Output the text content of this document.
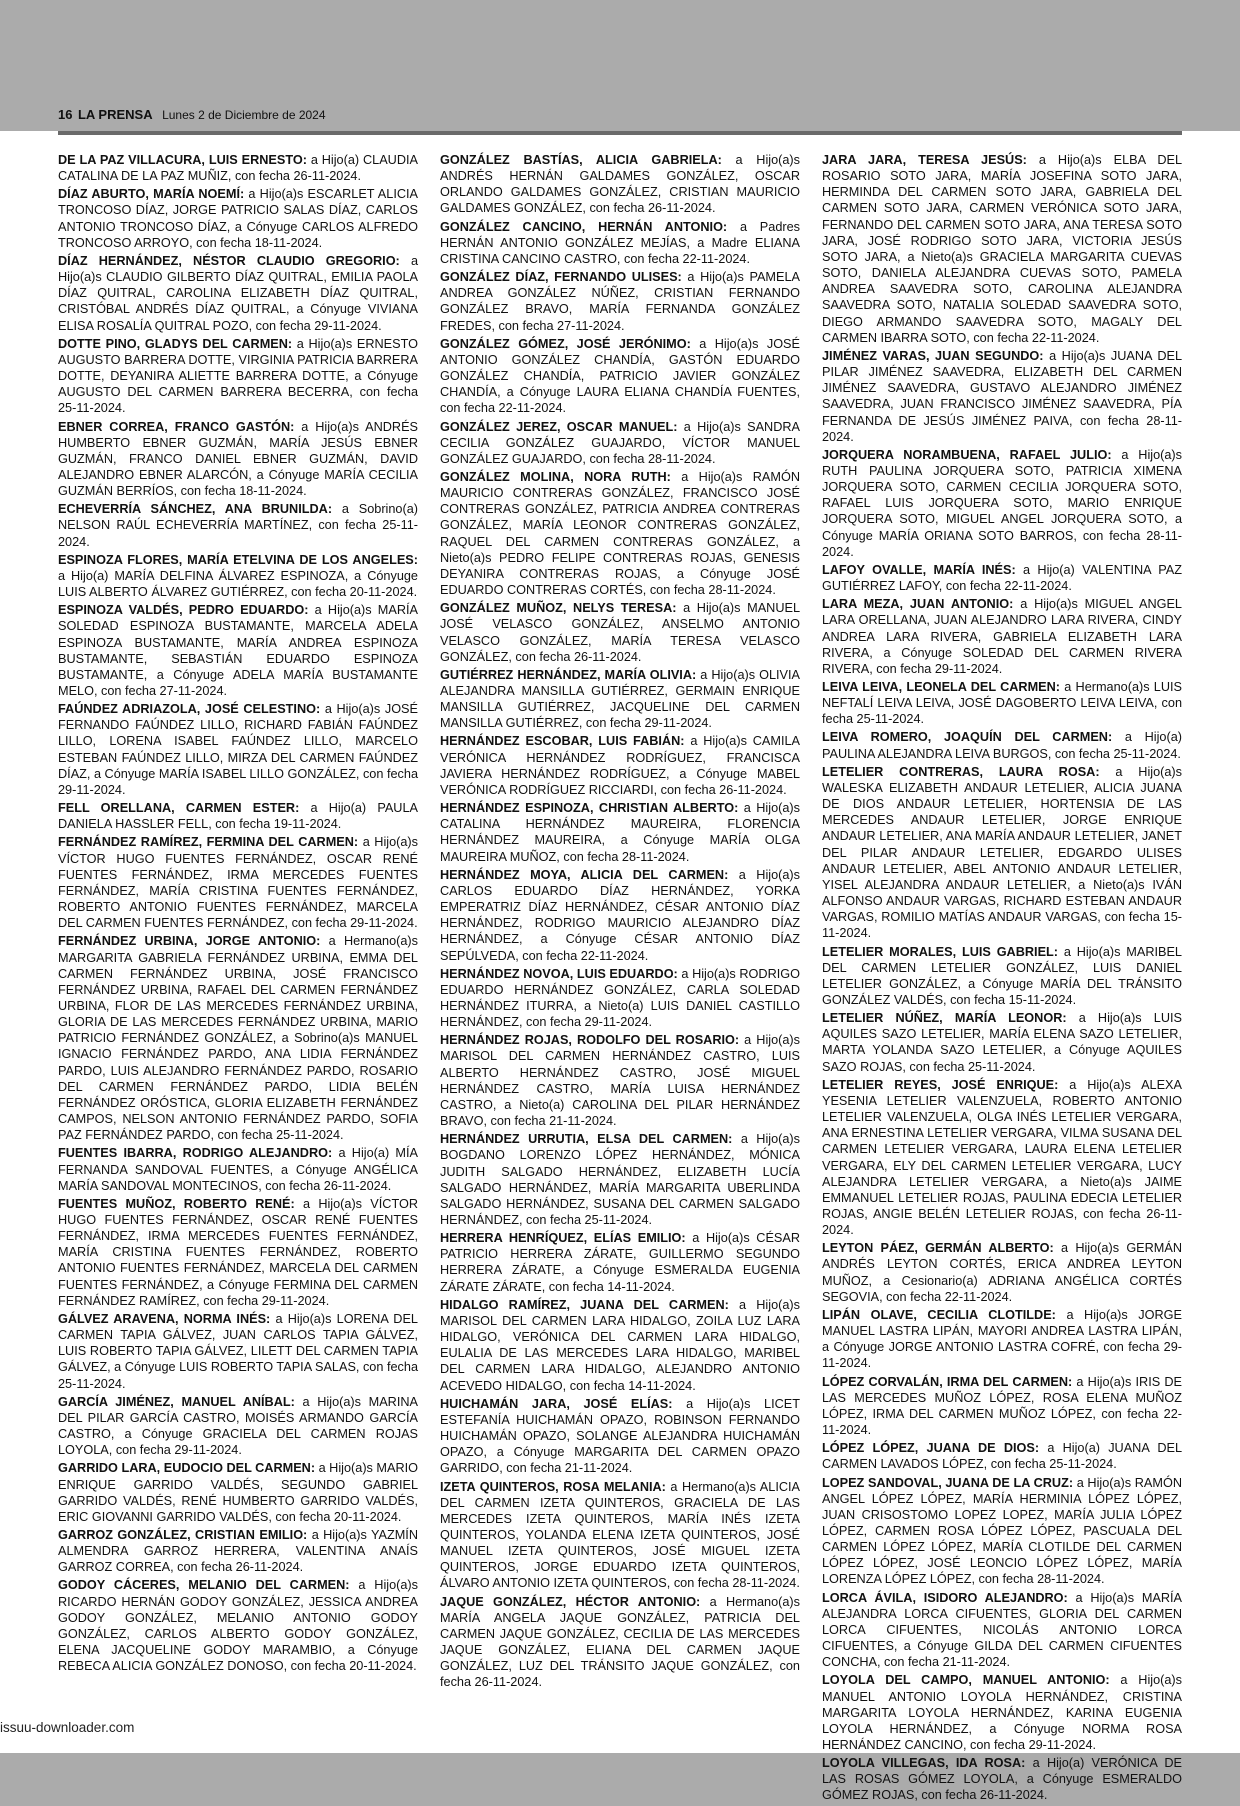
16 LA PRENSA Lunes 2 de Diciembre de 2024

DE LA PAZ VILLACURA, LUIS ERNESTO: a Hijo(a) CLAUDIA CATALINA DE LA PAZ MUÑIZ, con fecha 26-11-2024.

DÍAZ ABURTO, MARÍA NOEMÍ: a Hijo(a)s ESCARLET ALICIA TRONCOSO DÍAZ, JORGE PATRICIO SALAS DÍAZ, CARLOS ANTONIO TRONCOSO DÍAZ, a Cónyuge CARLOS ALFREDO TRONCOSO ARROYO, con fecha 18-11-2024.

DÍAZ HERNÁNDEZ, NÉSTOR CLAUDIO GREGORIO: a Hijo(a)s CLAUDIO GILBERTO DÍAZ QUITRAL, EMILIA PAOLA DÍAZ QUITRAL, CAROLINA ELIZABETH DÍAZ QUITRAL, CRISTÓBAL ANDRÉS DÍAZ QUITRAL, a Cónyuge VIVIANA ELISA ROSALÍA QUITRAL POZO, con fecha 29-11-2024.

DOTTE PINO, GLADYS DEL CARMEN: a Hijo(a)s ERNESTO AUGUSTO BARRERA DOTTE, VIRGINIA PATRICIA BARRERA DOTTE, DEYANIRA ALIETTE BARRERA DOTTE, a Cónyuge AUGUSTO DEL CARMEN BARRERA BECERRA, con fecha 25-11-2024.

EBNER CORREA, FRANCO GASTÓN: a Hijo(a)s ANDRÉS HUMBERTO EBNER GUZMÁN, MARÍA JESÚS EBNER GUZMÁN, FRANCO DANIEL EBNER GUZMÁN, DAVID ALEJANDRO EBNER ALARCÓN, a Cónyuge MARÍA CECILIA GUZMÁN BERRÍOS, con fecha 18-11-2024.

ECHEVERRÍA SÁNCHEZ, ANA BRUNILDA: a Sobrino(a) NELSON RAÚL ECHEVERRÍA MARTÍNEZ, con fecha 25-11-2024.

ESPINOZA FLORES, MARÍA ETELVINA DE LOS ANGELES: a Hijo(a) MARÍA DELFINA ÁLVAREZ ESPINOZA, a Cónyuge LUIS ALBERTO ÁLVAREZ GUTIÉRREZ, con fecha 20-11-2024.

ESPINOZA VALDÉS, PEDRO EDUARDO: a Hijo(a)s MARÍA SOLEDAD ESPINOZA BUSTAMANTE, MARCELA ADELA ESPINOZA BUSTAMANTE, MARÍA ANDREA ESPINOZA BUSTAMANTE, SEBASTIÁN EDUARDO ESPINOZA BUSTAMANTE, a Cónyuge ADELA MARÍA BUSTAMANTE MELO, con fecha 27-11-2024.

FAÚNDEZ ADRIAZOLA, JOSÉ CELESTINO: a Hijo(a)s JOSÉ FERNANDO FAÚNDEZ LILLO, RICHARD FABIÁN FAÚNDEZ LILLO, LORENA ISABEL FAÚNDEZ LILLO, MARCELO ESTEBAN FAÚNDEZ LILLO, MIRZA DEL CARMEN FAÚNDEZ DÍAZ, a Cónyuge MARÍA ISABEL LILLO GONZÁLEZ, con fecha 29-11-2024.

FELL ORELLANA, CARMEN ESTER: a Hijo(a) PAULA DANIELA HASSLER FELL, con fecha 19-11-2024.

FERNÁNDEZ RAMÍREZ, FERMINA DEL CARMEN: a Hijo(a)s VÍCTOR HUGO FUENTES FERNÁNDEZ, OSCAR RENÉ FUENTES FERNÁNDEZ, IRMA MERCEDES FUENTES FERNÁNDEZ, MARÍA CRISTINA FUENTES FERNÁNDEZ, ROBERTO ANTONIO FUENTES FERNÁNDEZ, MARCELA DEL CARMEN FUENTES FERNÁNDEZ, con fecha 29-11-2024.

FERNÁNDEZ URBINA, JORGE ANTONIO: a Hermano(a)s MARGARITA GABRIELA FERNÁNDEZ URBINA, EMMA DEL CARMEN FERNÁNDEZ URBINA, JOSÉ FRANCISCO FERNÁNDEZ URBINA, RAFAEL DEL CARMEN FERNÁNDEZ URBINA, FLOR DE LAS MERCEDES FERNÁNDEZ URBINA, GLORIA DE LAS MERCEDES FERNÁNDEZ URBINA, MARIO PATRICIO FERNÁNDEZ GONZÁLEZ, a Sobrino(a)s MANUEL IGNACIO FERNÁNDEZ PARDO, ANA LIDIA FERNÁNDEZ PARDO, LUIS ALEJANDRO FERNÁNDEZ PARDO, ROSARIO DEL CARMEN FERNÁNDEZ PARDO, LIDIA BELÉN FERNÁNDEZ ORÓSTICA, GLORIA ELIZABETH FERNÁNDEZ CAMPOS, NELSON ANTONIO FERNÁNDEZ PARDO, SOFIA PAZ FERNÁNDEZ PARDO, con fecha 25-11-2024.

FUENTES IBARRA, RODRIGO ALEJANDRO: a Hijo(a) MÍA FERNANDA SANDOVAL FUENTES, a Cónyuge ANGÉLICA MARÍA SANDOVAL MONTECINOS, con fecha 26-11-2024.

FUENTES MUÑOZ, ROBERTO RENÉ: a Hijo(a)s VÍCTOR HUGO FUENTES FERNÁNDEZ, OSCAR RENÉ FUENTES FERNÁNDEZ, IRMA MERCEDES FUENTES FERNÁNDEZ, MARÍA CRISTINA FUENTES FERNÁNDEZ, ROBERTO ANTONIO FUENTES FERNÁNDEZ, MARCELA DEL CARMEN FUENTES FERNÁNDEZ, a Cónyuge FERMINA DEL CARMEN FERNÁNDEZ RAMÍREZ, con fecha 29-11-2024.

GÁLVEZ ARAVENA, NORMA INÉS: a Hijo(a)s LORENA DEL CARMEN TAPIA GÁLVEZ, JUAN CARLOS TAPIA GÁLVEZ, LUIS ROBERTO TAPIA GÁLVEZ, LILETT DEL CARMEN TAPIA GÁLVEZ, a Cónyuge LUIS ROBERTO TAPIA SALAS, con fecha 25-11-2024.

GARCÍA JIMÉNEZ, MANUEL ANÍBAL: a Hijo(a)s MARINA DEL PILAR GARCÍA CASTRO, MOISÉS ARMANDO GARCÍA CASTRO, a Cónyuge GRACIELA DEL CARMEN ROJAS LOYOLA, con fecha 29-11-2024.

GARRIDO LARA, EUDOCIO DEL CARMEN: a Hijo(a)s MARIO ENRIQUE GARRIDO VALDÉS, SEGUNDO GABRIEL GARRIDO VALDÉS, RENÉ HUMBERTO GARRIDO VALDÉS, ERIC GIOVANNI GARRIDO VALDÉS, con fecha 20-11-2024.

GARROZ GONZÁLEZ, CRISTIAN EMILIO: a Hijo(a)s YAZMÍN ALMENDRA GARROZ HERRERA, VALENTINA ANAÍS GARROZ CORREA, con fecha 26-11-2024.

GODOY CÁCERES, MELANIO DEL CARMEN: a Hijo(a)s RICARDO HERNÁN GODOY GONZÁLEZ, JESSICA ANDREA GODOY GONZÁLEZ, MELANIO ANTONIO GODOY GONZÁLEZ, CARLOS ALBERTO GODOY GONZÁLEZ, ELENA JACQUELINE GODOY MARAMBIO, a Cónyuge REBECA ALICIA GONZÁLEZ DONOSO, con fecha 20-11-2024.

GONZÁLEZ BASTÍAS, ALICIA GABRIELA: a Hijo(a)s ANDRÉS HERNÁN GALDAMES GONZÁLEZ, OSCAR ORLANDO GALDAMES GONZÁLEZ, CRISTIAN MAURICIO GALDAMES GONZÁLEZ, con fecha 26-11-2024.

GONZÁLEZ CANCINO, HERNÁN ANTONIO: a Padres HERNÁN ANTONIO GONZÁLEZ MEJÍAS, a Madre ELIANA CRISTINA CANCINO CASTRO, con fecha 22-11-2024.

GONZÁLEZ DÍAZ, FERNANDO ULISES: a Hijo(a)s PAMELA ANDREA GONZÁLEZ NÚÑEZ, CRISTIAN FERNANDO GONZÁLEZ BRAVO, MARÍA FERNANDA GONZÁLEZ FREDES, con fecha 27-11-2024.

GONZÁLEZ GÓMEZ, JOSÉ JERÓNIMO: a Hijo(a)s JOSÉ ANTONIO GONZÁLEZ CHANDÍA, GASTÓN EDUARDO GONZÁLEZ CHANDÍA, PATRICIO JAVIER GONZÁLEZ CHANDÍA, a Cónyuge LAURA ELIANA CHANDÍA FUENTES, con fecha 22-11-2024.

GONZÁLEZ JEREZ, OSCAR MANUEL: a Hijo(a)s SANDRA CECILIA GONZÁLEZ GUAJARDO, VÍCTOR MANUEL GONZÁLEZ GUAJARDO, con fecha 28-11-2024.

GONZÁLEZ MOLINA, NORA RUTH: a Hijo(a)s RAMÓN MAURICIO CONTRERAS GONZÁLEZ, FRANCISCO JOSÉ CONTRERAS GONZÁLEZ, PATRICIA ANDREA CONTRERAS GONZÁLEZ, MARÍA LEONOR CONTRERAS GONZÁLEZ, RAQUEL DEL CARMEN CONTRERAS GONZÁLEZ, a Nieto(a)s PEDRO FELIPE CONTRERAS ROJAS, GENESIS DEYANIRA CONTRERAS ROJAS, a Cónyuge JOSÉ EDUARDO CONTRERAS CORTÉS, con fecha 28-11-2024.

GONZÁLEZ MUÑOZ, NELYS TERESA: a Hijo(a)s MANUEL JOSÉ VELASCO GONZÁLEZ, ANSELMO ANTONIO VELASCO GONZÁLEZ, MARÍA TERESA VELASCO GONZÁLEZ, con fecha 26-11-2024.

GUTIÉRREZ HERNÁNDEZ, MARÍA OLIVIA: a Hijo(a)s OLIVIA ALEJANDRA MANSILLA GUTIÉRREZ, GERMAIN ENRIQUE MANSILLA GUTIÉRREZ, JACQUELINE DEL CARMEN MANSILLA GUTIÉRREZ, con fecha 29-11-2024.

HERNÁNDEZ ESCOBAR, LUIS FABIÁN: a Hijo(a)s CAMILA VERÓNICA HERNÁNDEZ RODRÍGUEZ, FRANCISCA JAVIERA HERNÁNDEZ RODRÍGUEZ, a Cónyuge MABEL VERÓNICA RODRÍGUEZ RICCIARDI, con fecha 26-11-2024.

HERNÁNDEZ ESPINOZA, CHRISTIAN ALBERTO: a Hijo(a)s CATALINA HERNÁNDEZ MAUREIRA, FLORENCIA HERNÁNDEZ MAUREIRA, a Cónyuge MARÍA OLGA MAUREIRA MUÑOZ, con fecha 28-11-2024.

HERNÁNDEZ MOYA, ALICIA DEL CARMEN: a Hijo(a)s CARLOS EDUARDO DÍAZ HERNÁNDEZ, YORKA EMPERATRIZ DÍAZ HERNÁNDEZ, CÉSAR ANTONIO DÍAZ HERNÁNDEZ, RODRIGO MAURICIO ALEJANDRO DÍAZ HERNÁNDEZ, a Cónyuge CÉSAR ANTONIO DÍAZ SEPÚLVEDA, con fecha 22-11-2024.

HERNÁNDEZ NOVOA, LUIS EDUARDO: a Hijo(a)s RODRIGO EDUARDO HERNÁNDEZ GONZÁLEZ, CARLA SOLEDAD HERNÁNDEZ ITURRA, a Nieto(a) LUIS DANIEL CASTILLO HERNÁNDEZ, con fecha 29-11-2024.

HERNÁNDEZ ROJAS, RODOLFO DEL ROSARIO: a Hijo(a)s MARISOL DEL CARMEN HERNÁNDEZ CASTRO, LUIS ALBERTO HERNÁNDEZ CASTRO, JOSÉ MIGUEL HERNÁNDEZ CASTRO, MARÍA LUISA HERNÁNDEZ CASTRO, a Nieto(a) CAROLINA DEL PILAR HERNÁNDEZ BRAVO, con fecha 21-11-2024.

HERNÁNDEZ URRUTIA, ELSA DEL CARMEN: a Hijo(a)s BOGDANO LORENZO LÓPEZ HERNÁNDEZ, MÓNICA JUDITH SALGADO HERNÁNDEZ, ELIZABETH LUCÍA SALGADO HERNÁNDEZ, MARÍA MARGARITA UBERLINDA SALGADO HERNÁNDEZ, SUSANA DEL CARMEN SALGADO HERNÁNDEZ, con fecha 25-11-2024.

HERRERA HENRÍQUEZ, ELÍAS EMILIO: a Hijo(a)s CÉSAR PATRICIO HERRERA ZÁRATE, GUILLERMO SEGUNDO HERRERA ZÁRATE, a Cónyuge ESMERALDA EUGENIA ZÁRATE ZÁRATE, con fecha 14-11-2024.

HIDALGO RAMÍREZ, JUANA DEL CARMEN: a Hijo(a)s MARISOL DEL CARMEN LARA HIDALGO, ZOILA LUZ LARA HIDALGO, VERÓNICA DEL CARMEN LARA HIDALGO, EULALIA DE LAS MERCEDES LARA HIDALGO, MARIBEL DEL CARMEN LARA HIDALGO, ALEJANDRO ANTONIO ACEVEDO HIDALGO, con fecha 14-11-2024.

HUICHAMÁN JARA, JOSÉ ELÍAS: a Hijo(a)s LICET ESTEFANÍA HUICHAMÁN OPAZO, ROBINSON FERNANDO HUICHAMÁN OPAZO, SOLANGE ALEJANDRA HUICHAMÁN OPAZO, a Cónyuge MARGARITA DEL CARMEN OPAZO GARRIDO, con fecha 21-11-2024.

IZETA QUINTEROS, ROSA MELANIA: a Hermano(a)s ALICIA DEL CARMEN IZETA QUINTEROS, GRACIELA DE LAS MERCEDES IZETA QUINTEROS, MARÍA INÉS IZETA QUINTEROS, YOLANDA ELENA IZETA QUINTEROS, JOSÉ MANUEL IZETA QUINTEROS, JOSÉ MIGUEL IZETA QUINTEROS, JORGE EDUARDO IZETA QUINTEROS, ÁLVARO ANTONIO IZETA QUINTEROS, con fecha 28-11-2024.

JAQUE GONZÁLEZ, HÉCTOR ANTONIO: a Hermano(a)s MARÍA ANGELA JAQUE GONZÁLEZ, PATRICIA DEL CARMEN JAQUE GONZÁLEZ, CECILIA DE LAS MERCEDES JAQUE GONZÁLEZ, ELIANA DEL CARMEN JAQUE GONZÁLEZ, LUZ DEL TRÁNSITO JAQUE GONZÁLEZ, con fecha 26-11-2024.

JARA JARA, TERESA JESÚS: a Hijo(a)s ELBA DEL ROSARIO SOTO JARA, MARÍA JOSEFINA SOTO JARA, HERMINDA DEL CARMEN SOTO JARA, GABRIELA DEL CARMEN SOTO JARA, CARMEN VERÓNICA SOTO JARA, FERNANDO DEL CARMEN SOTO JARA, ANA TERESA SOTO JARA, JOSÉ RODRIGO SOTO JARA, VICTORIA JESÚS SOTO JARA, a Nieto(a)s GRACIELA MARGARITA CUEVAS SOTO, DANIELA ALEJANDRA CUEVAS SOTO, PAMELA ANDREA SAAVEDRA SOTO, CAROLINA ALEJANDRA SAAVEDRA SOTO, NATALIA SOLEDAD SAAVEDRA SOTO, DIEGO ARMANDO SAAVEDRA SOTO, MAGALY DEL CARMEN IBARRA SOTO, con fecha 22-11-2024.

JIMÉNEZ VARAS, JUAN SEGUNDO: a Hijo(a)s JUANA DEL PILAR JIMÉNEZ SAAVEDRA, ELIZABETH DEL CARMEN JIMÉNEZ SAAVEDRA, GUSTAVO ALEJANDRO JIMÉNEZ SAAVEDRA, JUAN FRANCISCO JIMÉNEZ SAAVEDRA, PÍA FERNANDA DE JESÚS JIMÉNEZ PAIVA, con fecha 28-11-2024.

JORQUERA NORAMBUENA, RAFAEL JULIO: a Hijo(a)s RUTH PAULINA JORQUERA SOTO, PATRICIA XIMENA JORQUERA SOTO, CARMEN CECILIA JORQUERA SOTO, RAFAEL LUIS JORQUERA SOTO, MARIO ENRIQUE JORQUERA SOTO, MIGUEL ANGEL JORQUERA SOTO, a Cónyuge MARÍA ORIANA SOTO BARROS, con fecha 28-11-2024.

LAFOY OVALLE, MARÍA INÉS: a Hijo(a) VALENTINA PAZ GUTIÉRREZ LAFOY, con fecha 22-11-2024.

LARA MEZA, JUAN ANTONIO: a Hijo(a)s MIGUEL ANGEL LARA ORELLANA, JUAN ALEJANDRO LARA RIVERA, CINDY ANDREA LARA RIVERA, GABRIELA ELIZABETH LARA RIVERA, a Cónyuge SOLEDAD DEL CARMEN RIVERA RIVERA, con fecha 29-11-2024.

LEIVA LEIVA, LEONELA DEL CARMEN: a Hermano(a)s LUIS NEFTALÍ LEIVA LEIVA, JOSÉ DAGOBERTO LEIVA LEIVA, con fecha 25-11-2024.

LEIVA ROMERO, JOAQUÍN DEL CARMEN: a Hijo(a) PAULINA ALEJANDRA LEIVA BURGOS, con fecha 25-11-2024.

LETELIER CONTRERAS, LAURA ROSA: a Hijo(a)s WALESKA ELIZABETH ANDAUR LETELIER, ALICIA JUANA DE DIOS ANDAUR LETELIER, HORTENSIA DE LAS MERCEDES ANDAUR LETELIER, JORGE ENRIQUE ANDAUR LETELIER, ANA MARÍA ANDAUR LETELIER, JANET DEL PILAR ANDAUR LETELIER, EDGARDO ULISES ANDAUR LETELIER, ABEL ANTONIO ANDAUR LETELIER, YISEL ALEJANDRA ANDAUR LETELIER, a Nieto(a)s IVÁN ALFONSO ANDAUR VARGAS, RICHARD ESTEBAN ANDAUR VARGAS, ROMILIO MATÍAS ANDAUR VARGAS, con fecha 15-11-2024.

LETELIER MORALES, LUIS GABRIEL: a Hijo(a)s MARIBEL DEL CARMEN LETELIER GONZÁLEZ, LUIS DANIEL LETELIER GONZÁLEZ, a Cónyuge MARÍA DEL TRÁNSITO GONZÁLEZ VALDÉS, con fecha 15-11-2024.

LETELIER NÚÑEZ, MARÍA LEONOR: a Hijo(a)s LUIS AQUILES SAZO LETELIER, MARÍA ELENA SAZO LETELIER, MARTA YOLANDA SAZO LETELIER, a Cónyuge AQUILES SAZO ROJAS, con fecha 25-11-2024.

LETELIER REYES, JOSÉ ENRIQUE: a Hijo(a)s ALEXA YESENIA LETELIER VALENZUELA, ROBERTO ANTONIO LETELIER VALENZUELA, OLGA INÉS LETELIER VERGARA, ANA ERNESTINA LETELIER VERGARA, VILMA SUSANA DEL CARMEN LETELIER VERGARA, LAURA ELENA LETELIER VERGARA, ELY DEL CARMEN LETELIER VERGARA, LUCY ALEJANDRA LETELIER VERGARA, a Nieto(a)s JAIME EMMANUEL LETELIER ROJAS, PAULINA EDECIA LETELIER ROJAS, ANGIE BELÉN LETELIER ROJAS, con fecha 26-11-2024.

LEYTON PÁEZ, GERMÁN ALBERTO: a Hijo(a)s GERMÁN ANDRÉS LEYTON CORTÉS, ERICA ANDREA LEYTON MUÑOZ, a Cesionario(a) ADRIANA ANGÉLICA CORTÉS SEGOVIA, con fecha 22-11-2024.

LIPÁN OLAVE, CECILIA CLOTILDE: a Hijo(a)s JORGE MANUEL LASTRA LIPÁN, MAYORI ANDREA LASTRA LIPÁN, a Cónyuge JORGE ANTONIO LASTRA COFRÉ, con fecha 29-11-2024.

LÓPEZ CORVALÁN, IRMA DEL CARMEN: a Hijo(a)s IRIS DE LAS MERCEDES MUÑOZ LÓPEZ, ROSA ELENA MUÑOZ LÓPEZ, IRMA DEL CARMEN MUÑOZ LÓPEZ, con fecha 22-11-2024.

LÓPEZ LÓPEZ, JUANA DE DIOS: a Hijo(a) JUANA DEL CARMEN LAVADOS LÓPEZ, con fecha 25-11-2024.

LOPEZ SANDOVAL, JUANA DE LA CRUZ: a Hijo(a)s RAMÓN ANGEL LÓPEZ LÓPEZ, MARÍA HERMINIA LÓPEZ LÓPEZ, JUAN CRISOSTOMO LOPEZ LOPEZ, MARÍA JULIA LÓPEZ LÓPEZ, CARMEN ROSA LÓPEZ LÓPEZ, PASCUALA DEL CARMEN LÓPEZ LÓPEZ, MARÍA CLOTILDE DEL CARMEN LÓPEZ LÓPEZ, JOSÉ LEONCIO LÓPEZ LÓPEZ, MARÍA LORENZA LÓPEZ LÓPEZ, con fecha 28-11-2024.

LORCA ÁVILA, ISIDORO ALEJANDRO: a Hijo(a)s MARÍA ALEJANDRA LORCA CIFUENTES, GLORIA DEL CARMEN LORCA CIFUENTES, NICOLÁS ANTONIO LORCA CIFUENTES, a Cónyuge GILDA DEL CARMEN CIFUENTES CONCHA, con fecha 21-11-2024.

LOYOLA DEL CAMPO, MANUEL ANTONIO: a Hijo(a)s MANUEL ANTONIO LOYOLA HERNÁNDEZ, CRISTINA MARGARITA LOYOLA HERNÁNDEZ, KARINA EUGENIA LOYOLA HERNÁNDEZ, a Cónyuge NORMA ROSA HERNÁNDEZ CANCINO, con fecha 29-11-2024.

LOYOLA VILLEGAS, IDA ROSA: a Hijo(a) VERÓNICA DE LAS ROSAS GÓMEZ LOYOLA, a Cónyuge ESMERALDO GÓMEZ ROJAS, con fecha 26-11-2024.

issuu-downloader.com
